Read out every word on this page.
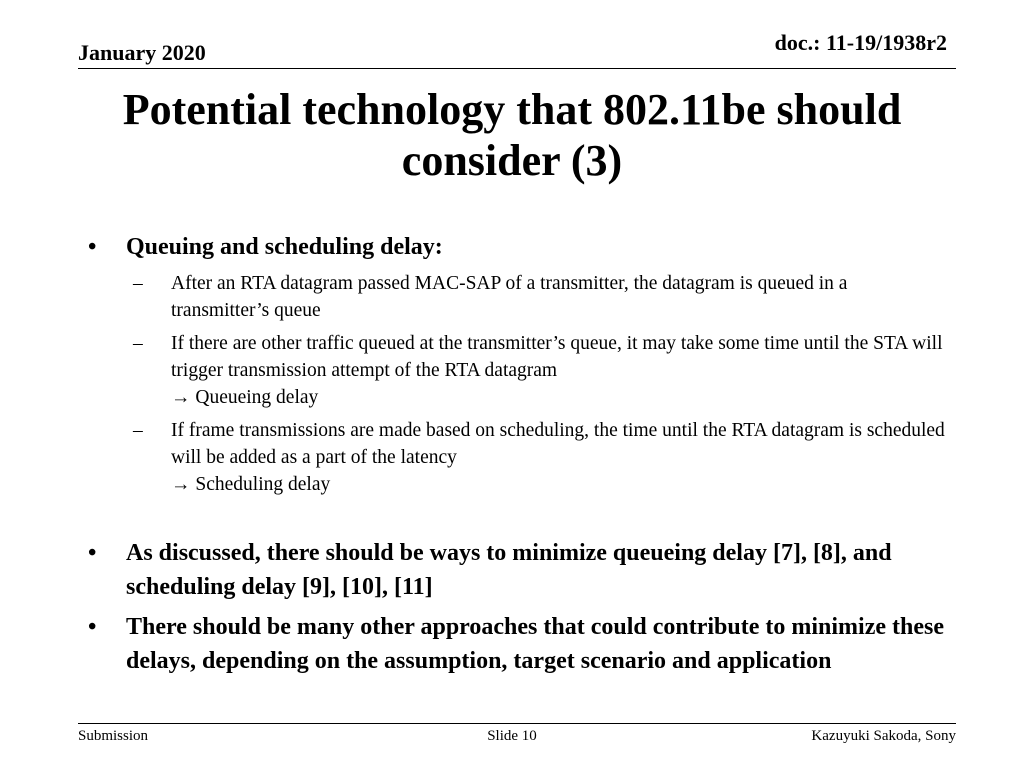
January 2020	doc.: 11-19/1938r2
Potential technology that 802.11be should consider (3)
• Queuing and scheduling delay:
– After an RTA datagram passed MAC-SAP of a transmitter, the datagram is queued in a transmitter’s queue
– If there are other traffic queued at the transmitter’s queue, it may take some time until the STA will trigger transmission attempt of the RTA datagram
→ Queueing delay
– If frame transmissions are made based on scheduling, the time until the RTA datagram is scheduled will be added as a part of the latency
→ Scheduling delay
• As discussed, there should be ways to minimize queueing delay [7], [8], and scheduling delay [9], [10], [11]
• There should be many other approaches that could contribute to minimize these delays, depending on the assumption, target scenario and application
Submission	Slide 10	Kazuyuki Sakoda, Sony
